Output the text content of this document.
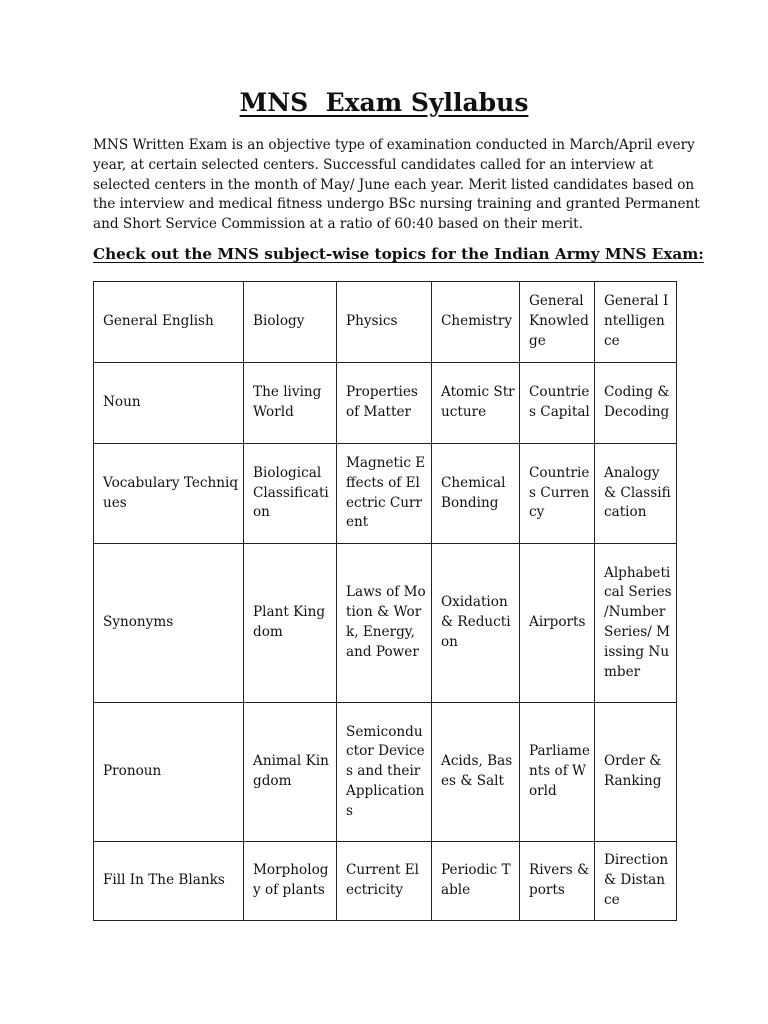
MNS  Exam Syllabus

MNS Written Exam is an objective type of examination conducted in March/April every
year, at certain selected centers. Successful candidates called for an interview at
selected centers in the month of May/ June each year. Merit listed candidates based on
the interview and medical fitness undergo BSc nursing training and granted Permanent
and Short Service Commission at a ratio of 60:40 based on their merit.

Check out the MNS subject-wise topics for the Indian Army MNS Exam:
General English	Biology	Physics	Chemistry	General Knowledge	General Intelligence

Noun	The living World	Properties of Matter	Atomic Structure	Countries Capital	Coding & Decoding

Vocabulary Techniques	Biological Classification	Magnetic Effects of Electric Current	Chemical Bonding	Countries Currency	Analogy & Classification

Synonyms	Plant Kingdom	Laws of Motion & Work, Energy, and Power	Oxidation & Reduction	Airports	Alphabetical Series /Number Series/ Missing Number

Pronoun	Animal Kingdom	Semiconductor Devices and their Applications	Acids, Bases & Salt	Parliaments of World	Order & Ranking

Fill In The Blanks	Morphology of plants	Current Electricity	Periodic Table	Rivers & ports	Direction & Distance
